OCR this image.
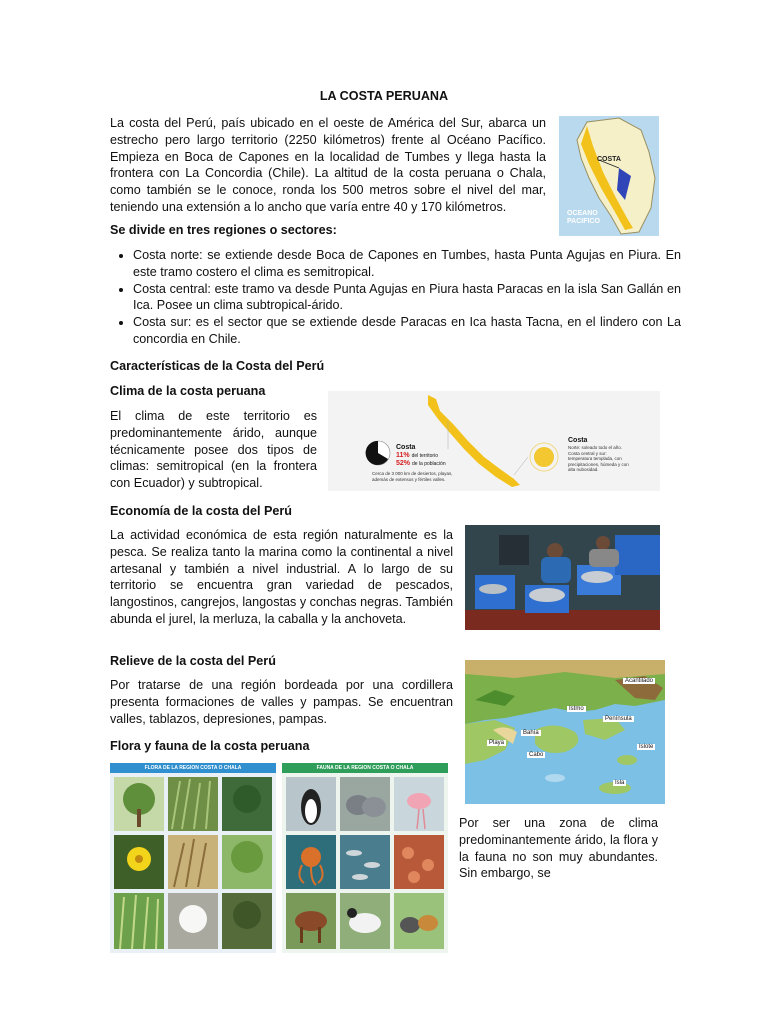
LA COSTA PERUANA

La costa del Perú, país ubicado en el oeste de América del Sur, abarca un estrecho pero largo territorio (2250 kilómetros) frente al Océano Pacífico. Empieza en Boca de Capones en la localidad de Tumbes y llega hasta la frontera con La Concordia (Chile). La altitud de la costa peruana o Chala, como también se le conoce, ronda los 500 metros sobre el nivel del mar, teniendo una extensión a lo ancho que varía entre 40 y 170 kilómetros.

COSTA
OCEANO
PACIFICO

Se divide en tres regiones o sectores:

• Costa norte: se extiende desde Boca de Capones en Tumbes, hasta Punta Agujas en Piura. En este tramo costero el clima es semitropical.
• Costa central: este tramo va desde Punta Agujas en Piura hasta Paracas en la isla San Gallán en Ica. Posee un clima subtropical-árido.
• Costa sur: es el sector que se extiende desde Paracas en Ica hasta Tacna, en el lindero con La concordia en Chile.

Características de la Costa del Perú

Clima de la costa peruana

El clima de este territorio es predominantemente árido, aunque técnicamente posee dos tipos de climas: semitropical (en la frontera con Ecuador) y subtropical.

Costa
11% del territorio
52% de la población
Cerca de 3 000 km de desiertos, playas, además de extensos y fértiles valles.
Costa
Norte: soleado todo el año. Costa central y sur: temperatura templada, con precipitaciones, húmeda y con alta nubosidad.

Economía de la costa del Perú

La actividad económica de esta región naturalmente es la pesca. Se realiza tanto la marina como la continental a nivel artesanal y también a nivel industrial. A lo largo de su territorio se encuentra gran variedad de pescados, langostinos, cangrejos, langostas y conchas negras. También abunda el jurel, la merluza, la caballa y la anchoveta.

Relieve de la costa del Perú

Por tratarse de una región bordeada por una cordillera presenta formaciones de valles y pampas. Se encuentran valles, tablazos, depresiones, pampas.

Acantilado
Istmo
Península
Playa
Bahía
Cabo
Islote
Isla

Flora y fauna de la costa peruana

FLORA DE LA REGION COSTA O CHALA	FAUNA DE LA REGION COSTA O CHALA

Por ser una zona de clima predominantemente árido, la flora y la fauna no son muy abundantes. Sin embargo, se
